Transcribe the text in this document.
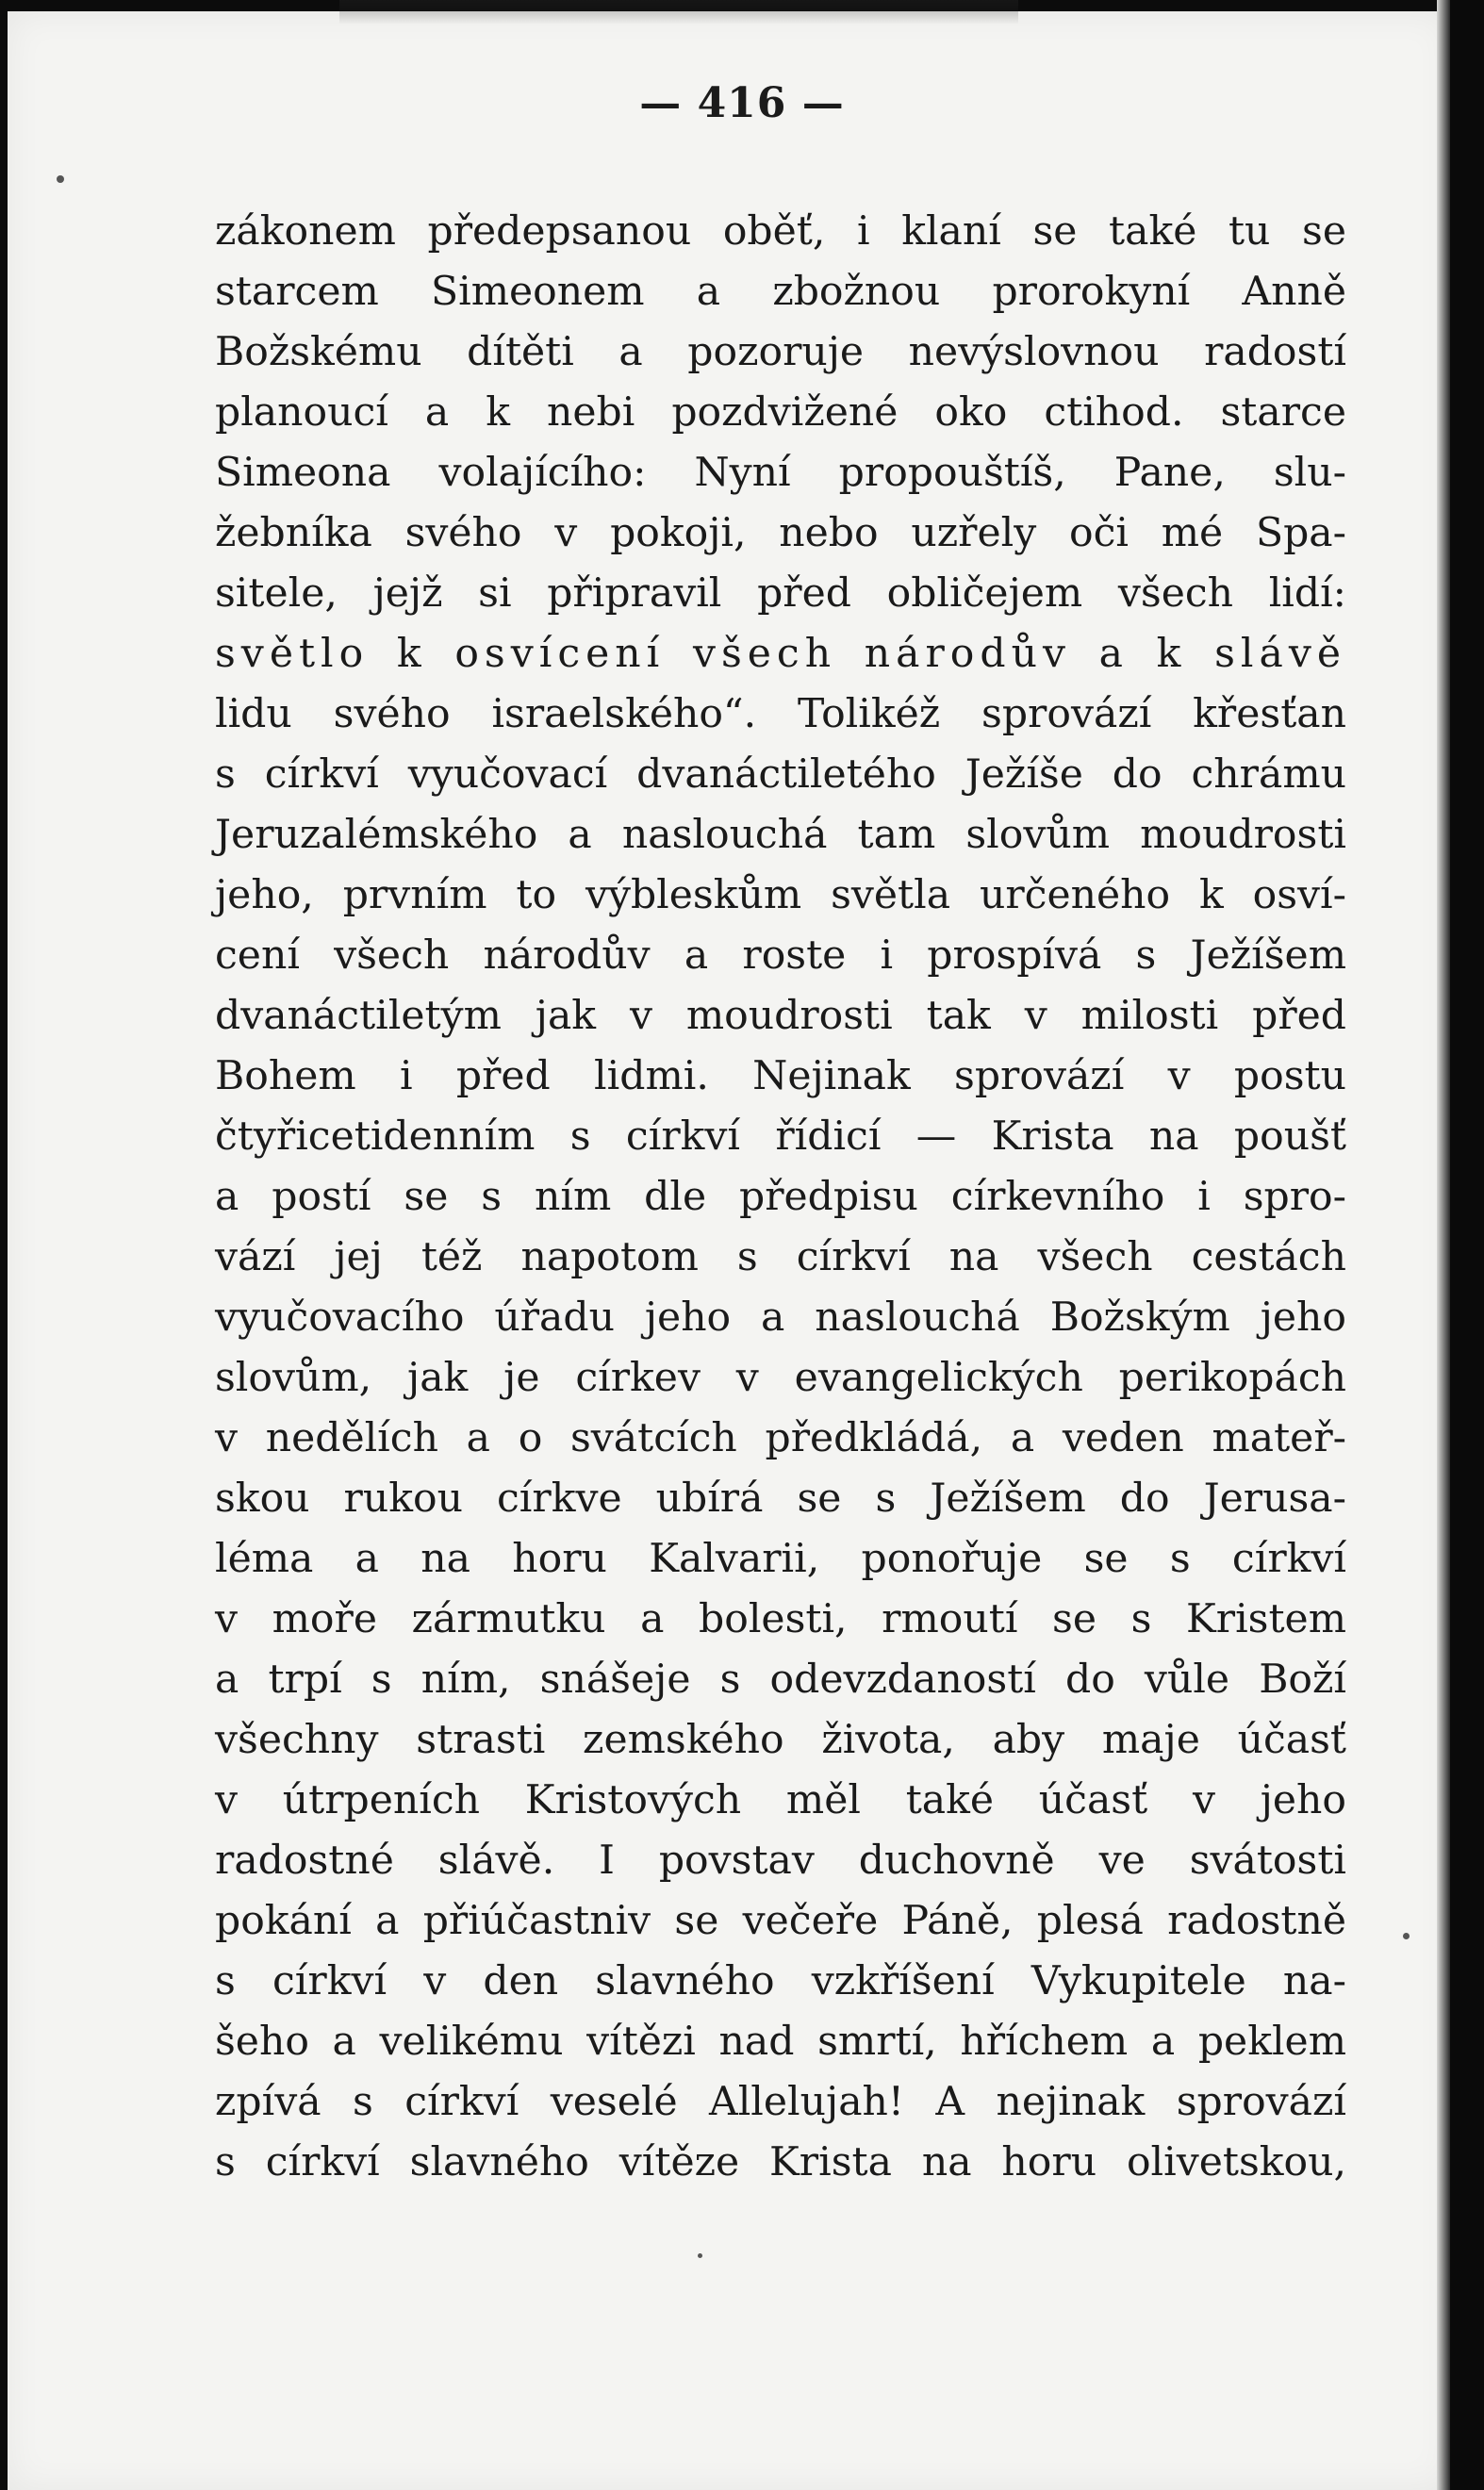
— 416 —
zákonem předepsanou oběť, i klaní se také tu se
starcem Simeonem a zbožnou prorokyní Anně
Božskému dítěti a pozoruje nevýslovnou radostí
planoucí a k nebi pozdvižené oko ctihod. starce
Simeona volajícího: Nyní propouštíš, Pane, slu-
žebníka svého v pokoji, nebo uzřely oči mé Spa-
sitele, jejž si připravil před obličejem všech lidí:
světlo k osvícení všech národův a k slávě
lidu svého israelského“. Tolikéž sprovází křesťan
s církví vyučovací dvanáctiletého Ježíše do chrámu
Jeruzalémského a naslouchá tam slovům moudrosti
jeho, prvním to výbleskům světla určeného k osví-
cení všech národův a roste i prospívá s Ježíšem
dvanáctiletým jak v moudrosti tak v milosti před
Bohem i před lidmi. Nejinak sprovází v postu
čtyřicetidenním s církví řídicí — Krista na poušť
a postí se s ním dle předpisu církevního i spro-
vází jej též napotom s církví na všech cestách
vyučovacího úřadu jeho a naslouchá Božským jeho
slovům, jak je církev v evangelických perikopách
v nedělích a o svátcích předkládá, a veden mateř-
skou rukou církve ubírá se s Ježíšem do Jerusa-
léma a na horu Kalvarii, ponořuje se s církví
v moře zármutku a bolesti, rmoutí se s Kristem
a trpí s ním, snášeje s odevzdaností do vůle Boží
všechny strasti zemského života, aby maje účasť
v útrpeních Kristových měl také účasť v jeho
radostné slávě. I povstav duchovně ve svátosti
pokání a přiúčastniv se večeře Páně, plesá radostně
s církví v den slavného vzkříšení Vykupitele na-
šeho a velikému vítězi nad smrtí, hříchem a peklem
zpívá s církví veselé Allelujah! A nejinak sprovází
s církví slavného vítěze Krista na horu olivetskou,
